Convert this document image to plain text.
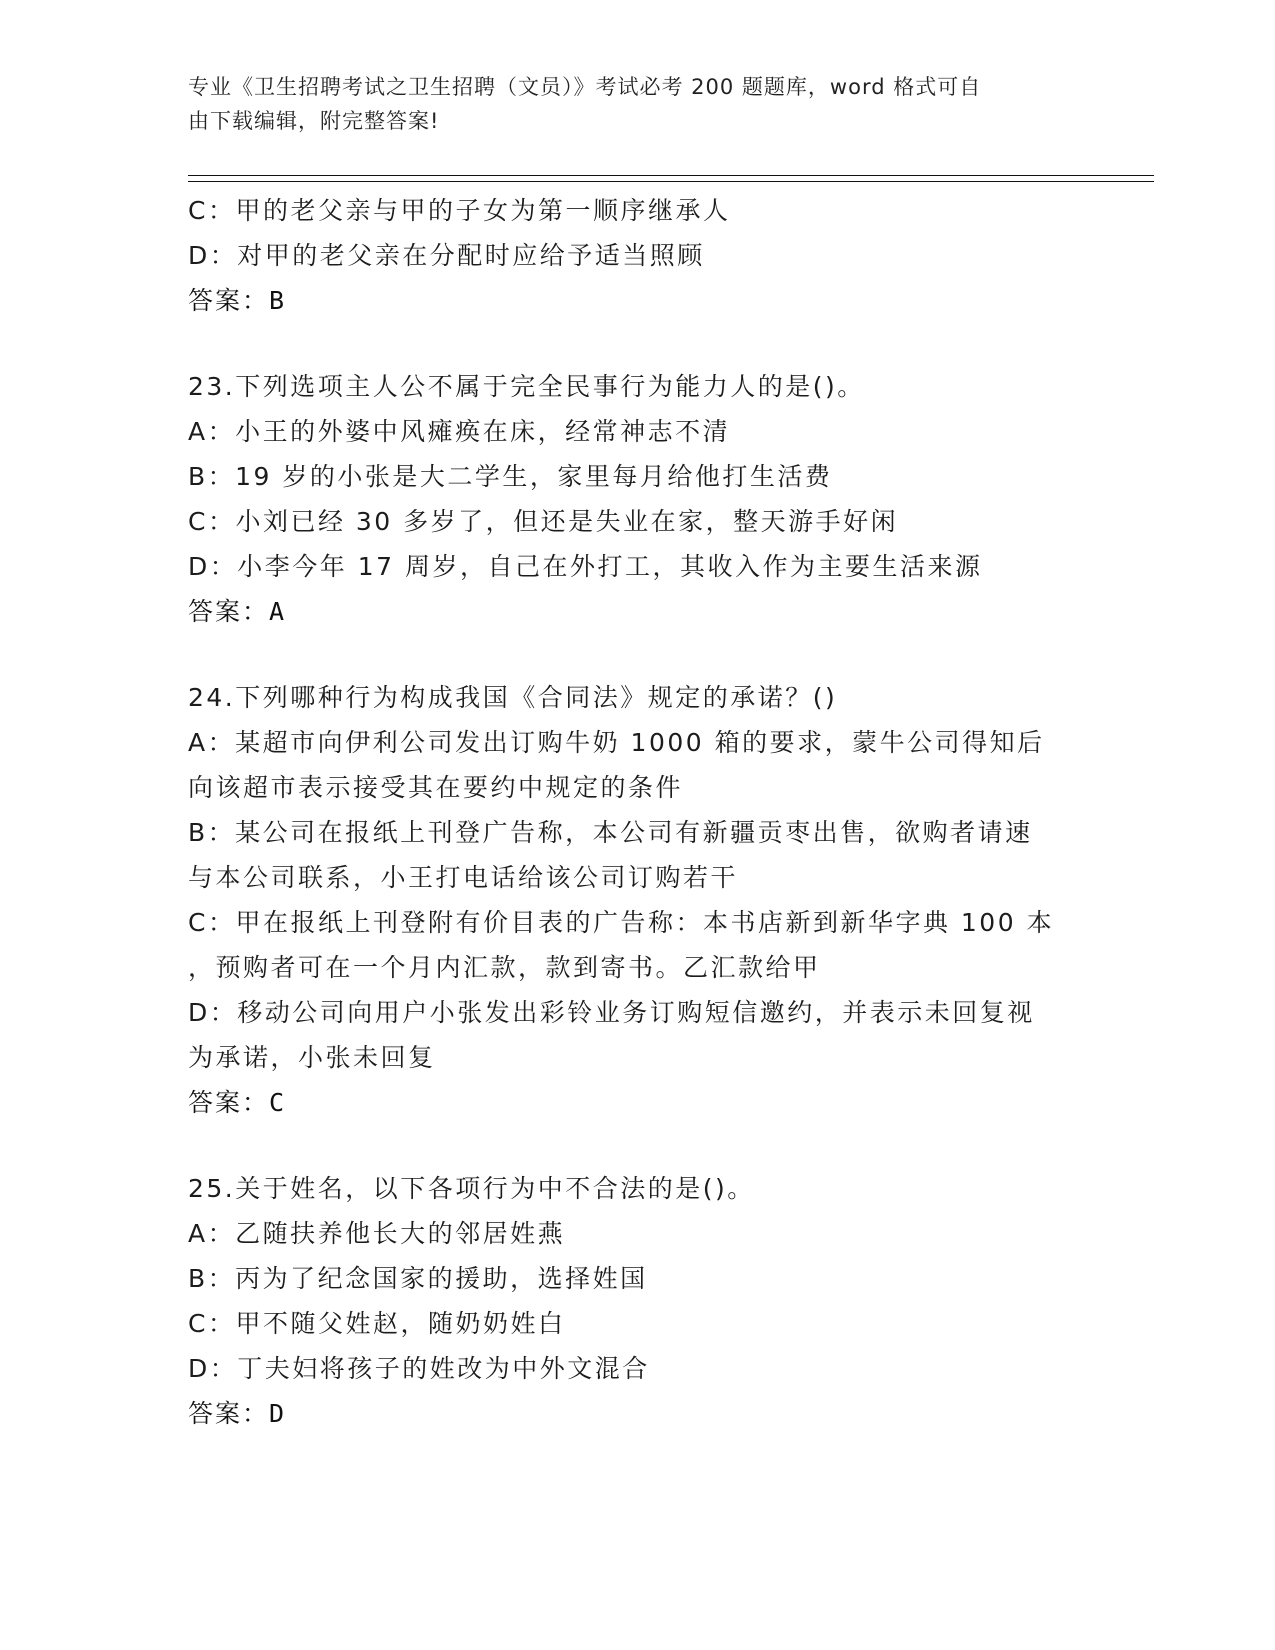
专业《卫生招聘考试之卫生招聘（文员）》考试必考 200 题题库，word 格式可自
由下载编辑，附完整答案!
C：甲的老父亲与甲的子女为第一顺序继承人
D：对甲的老父亲在分配时应给予适当照顾
答案：B
23.下列选项主人公不属于完全民事行为能力人的是()。
A：小王的外婆中风瘫痪在床，经常神志不清
B：19 岁的小张是大二学生，家里每月给他打生活费
C：小刘已经 30 多岁了，但还是失业在家，整天游手好闲
D：小李今年 17 周岁，自己在外打工，其收入作为主要生活来源
答案：A
24.下列哪种行为构成我国《合同法》规定的承诺？()
A：某超市向伊利公司发出订购牛奶 1000 箱的要求，蒙牛公司得知后
向该超市表示接受其在要约中规定的条件
B：某公司在报纸上刊登广告称，本公司有新疆贡枣出售，欲购者请速
与本公司联系，小王打电话给该公司订购若干
C：甲在报纸上刊登附有价目表的广告称：本书店新到新华字典 100 本
，预购者可在一个月内汇款，款到寄书。乙汇款给甲
D：移动公司向用户小张发出彩铃业务订购短信邀约，并表示未回复视
为承诺，小张未回复
答案：C
25.关于姓名，以下各项行为中不合法的是()。
A：乙随扶养他长大的邻居姓燕
B：丙为了纪念国家的援助，选择姓国
C：甲不随父姓赵，随奶奶姓白
D：丁夫妇将孩子的姓改为中外文混合
答案：D
